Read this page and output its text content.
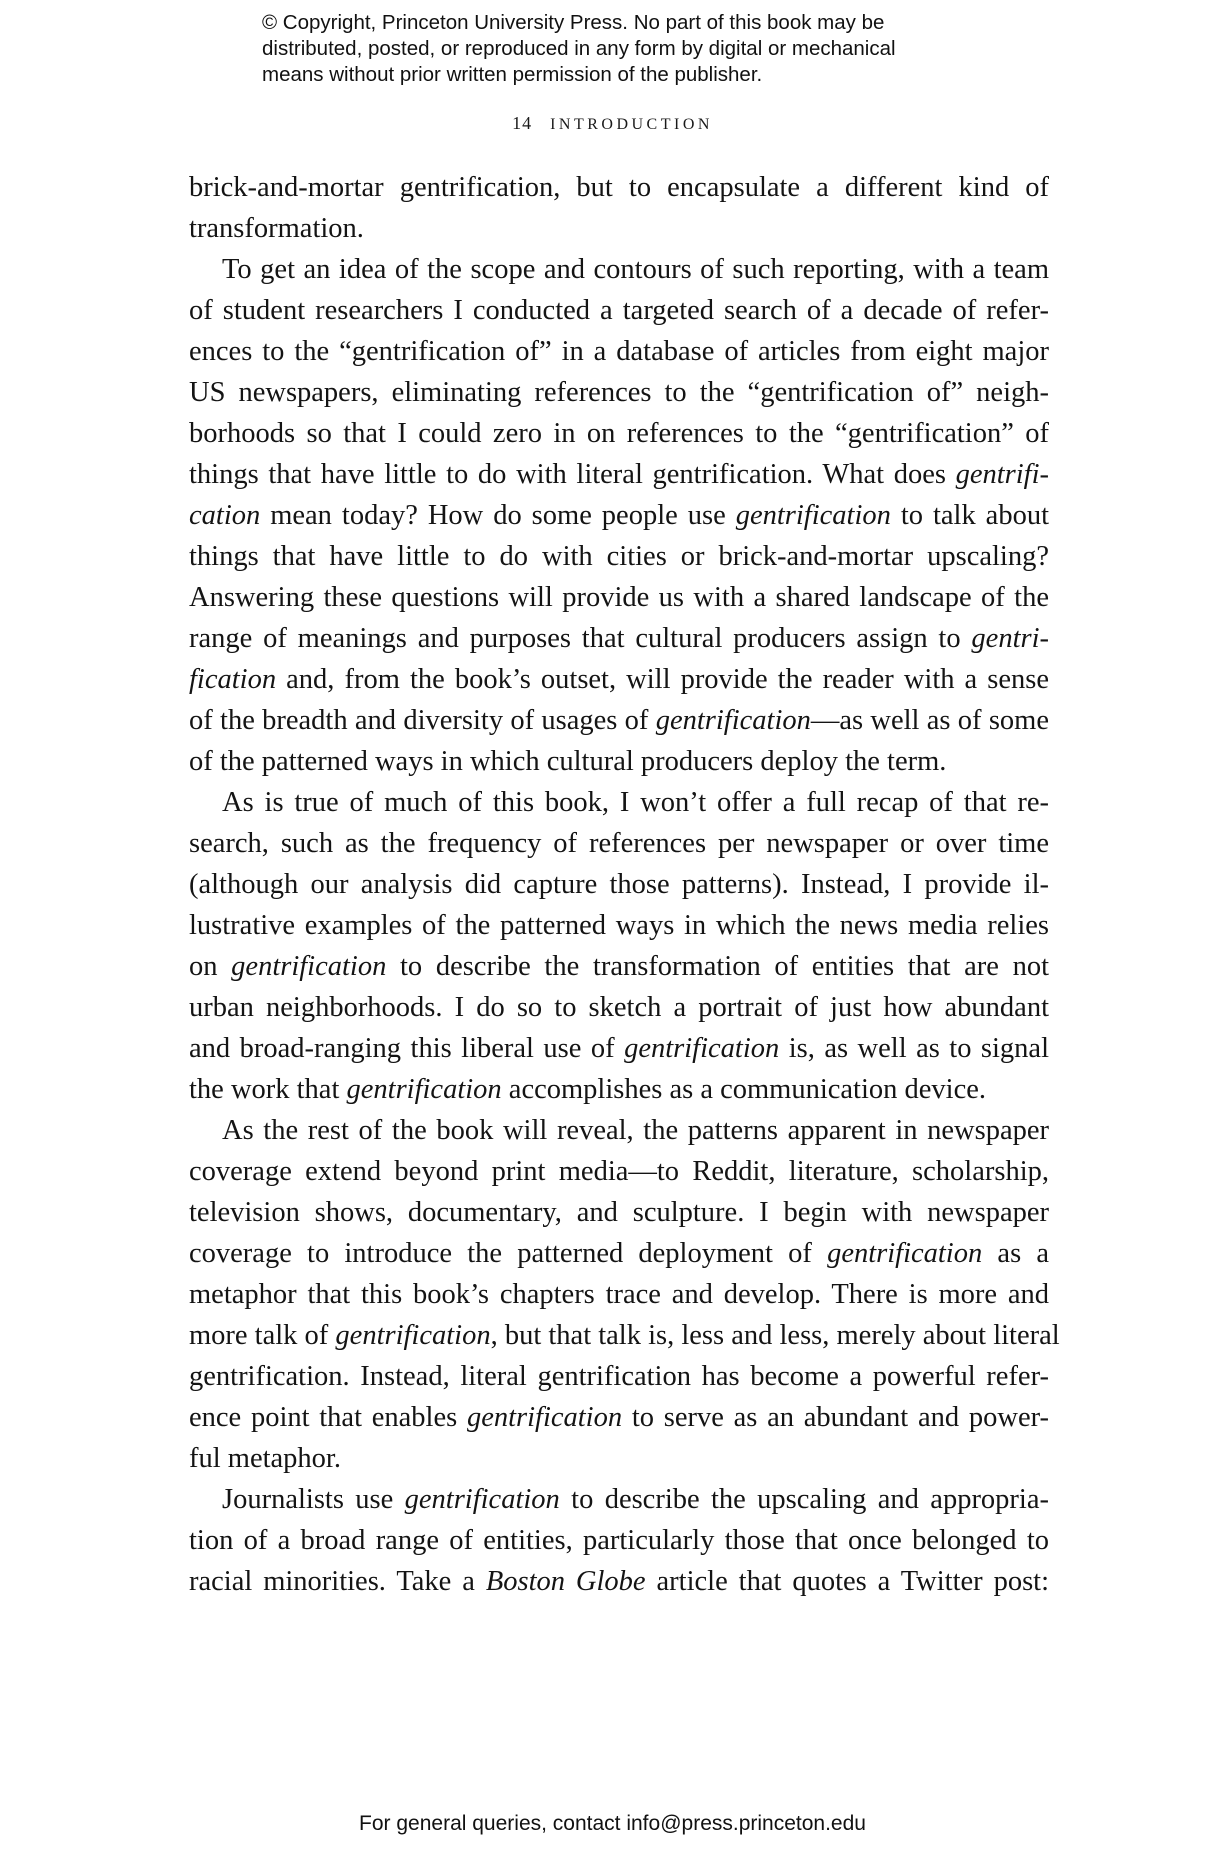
© Copyright, Princeton University Press. No part of this book may be
distributed, posted, or reproduced in any form by digital or mechanical
means without prior written permission of the publisher.
14 INTRODUCTION
brick-and-mortar gentrification, but to encapsulate a different kind of
transformation.
To get an idea of the scope and contours of such reporting, with a team
of student researchers I conducted a targeted search of a decade of refer-
ences to the “gentrification of” in a database of articles from eight major
US newspapers, eliminating references to the “gentrification of” neigh-
borhoods so that I could zero in on references to the “gentrification” of
things that have little to do with literal gentrification. What does gentrifi-
cation mean today? How do some people use gentrification to talk about
things that have little to do with cities or brick-and-mortar upscaling?
Answering these questions will provide us with a shared landscape of the
range of meanings and purposes that cultural producers assign to gentri-
fication and, from the book’s outset, will provide the reader with a sense
of the breadth and diversity of usages of gentrification—as well as of some
of the patterned ways in which cultural producers deploy the term.
As is true of much of this book, I won’t offer a full recap of that re-
search, such as the frequency of references per newspaper or over time
(although our analysis did capture those patterns). Instead, I provide il-
lustrative examples of the patterned ways in which the news media relies
on gentrification to describe the transformation of entities that are not
urban neighborhoods. I do so to sketch a portrait of just how abundant
and broad-ranging this liberal use of gentrification is, as well as to signal
the work that gentrification accomplishes as a communication device.
As the rest of the book will reveal, the patterns apparent in newspaper
coverage extend beyond print media—to Reddit, literature, scholarship,
television shows, documentary, and sculpture. I begin with newspaper
coverage to introduce the patterned deployment of gentrification as a
metaphor that this book’s chapters trace and develop. There is more and
more talk of gentrification, but that talk is, less and less, merely about literal
gentrification. Instead, literal gentrification has become a powerful refer-
ence point that enables gentrification to serve as an abundant and power-
ful metaphor.
Journalists use gentrification to describe the upscaling and appropria-
tion of a broad range of entities, particularly those that once belonged to
racial minorities. Take a Boston Globe article that quotes a Twitter post:
For general queries, contact info@press.princeton.edu
